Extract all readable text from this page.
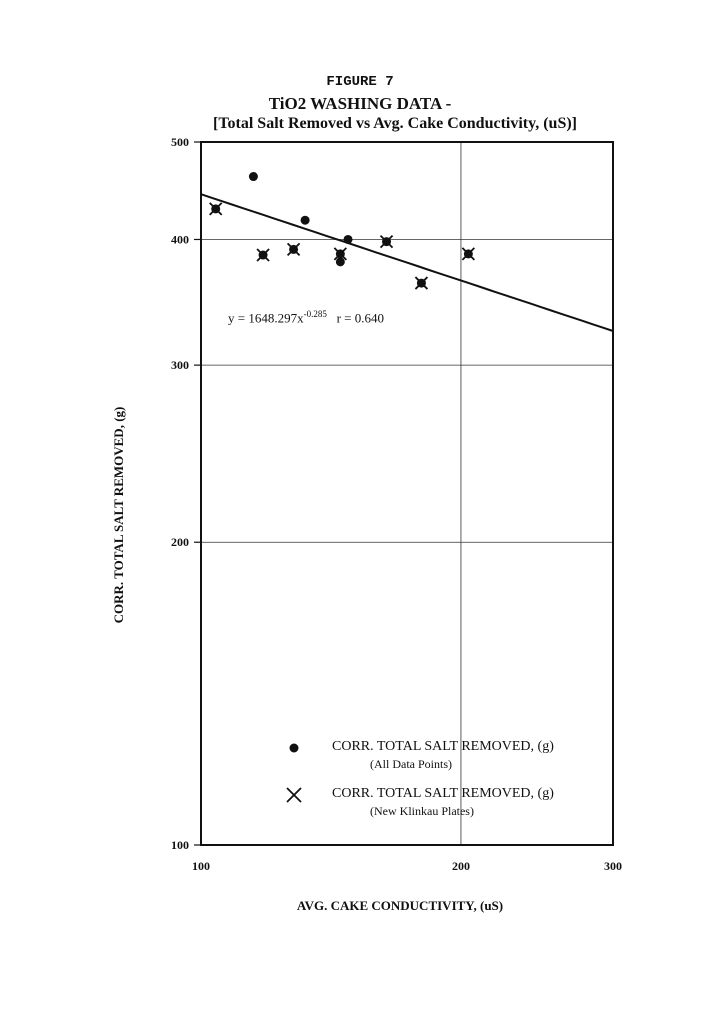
FIGURE 7
TiO2 WASHING DATA -
[Total Salt Removed vs Avg. Cake Conductivity, (uS)]
100
200
300
400
500
100	200	300
$y = 1648.297x^{-0.285}$ r = 0.640
CORR. TOTAL SALT REMOVED, (g)
AVG. CAKE CONDUCTIVITY, (uS)
CORR. TOTAL SALT REMOVED, (g)
(All Data Points)
CORR. TOTAL SALT REMOVED, (g)
(New Klinkau Plates)
